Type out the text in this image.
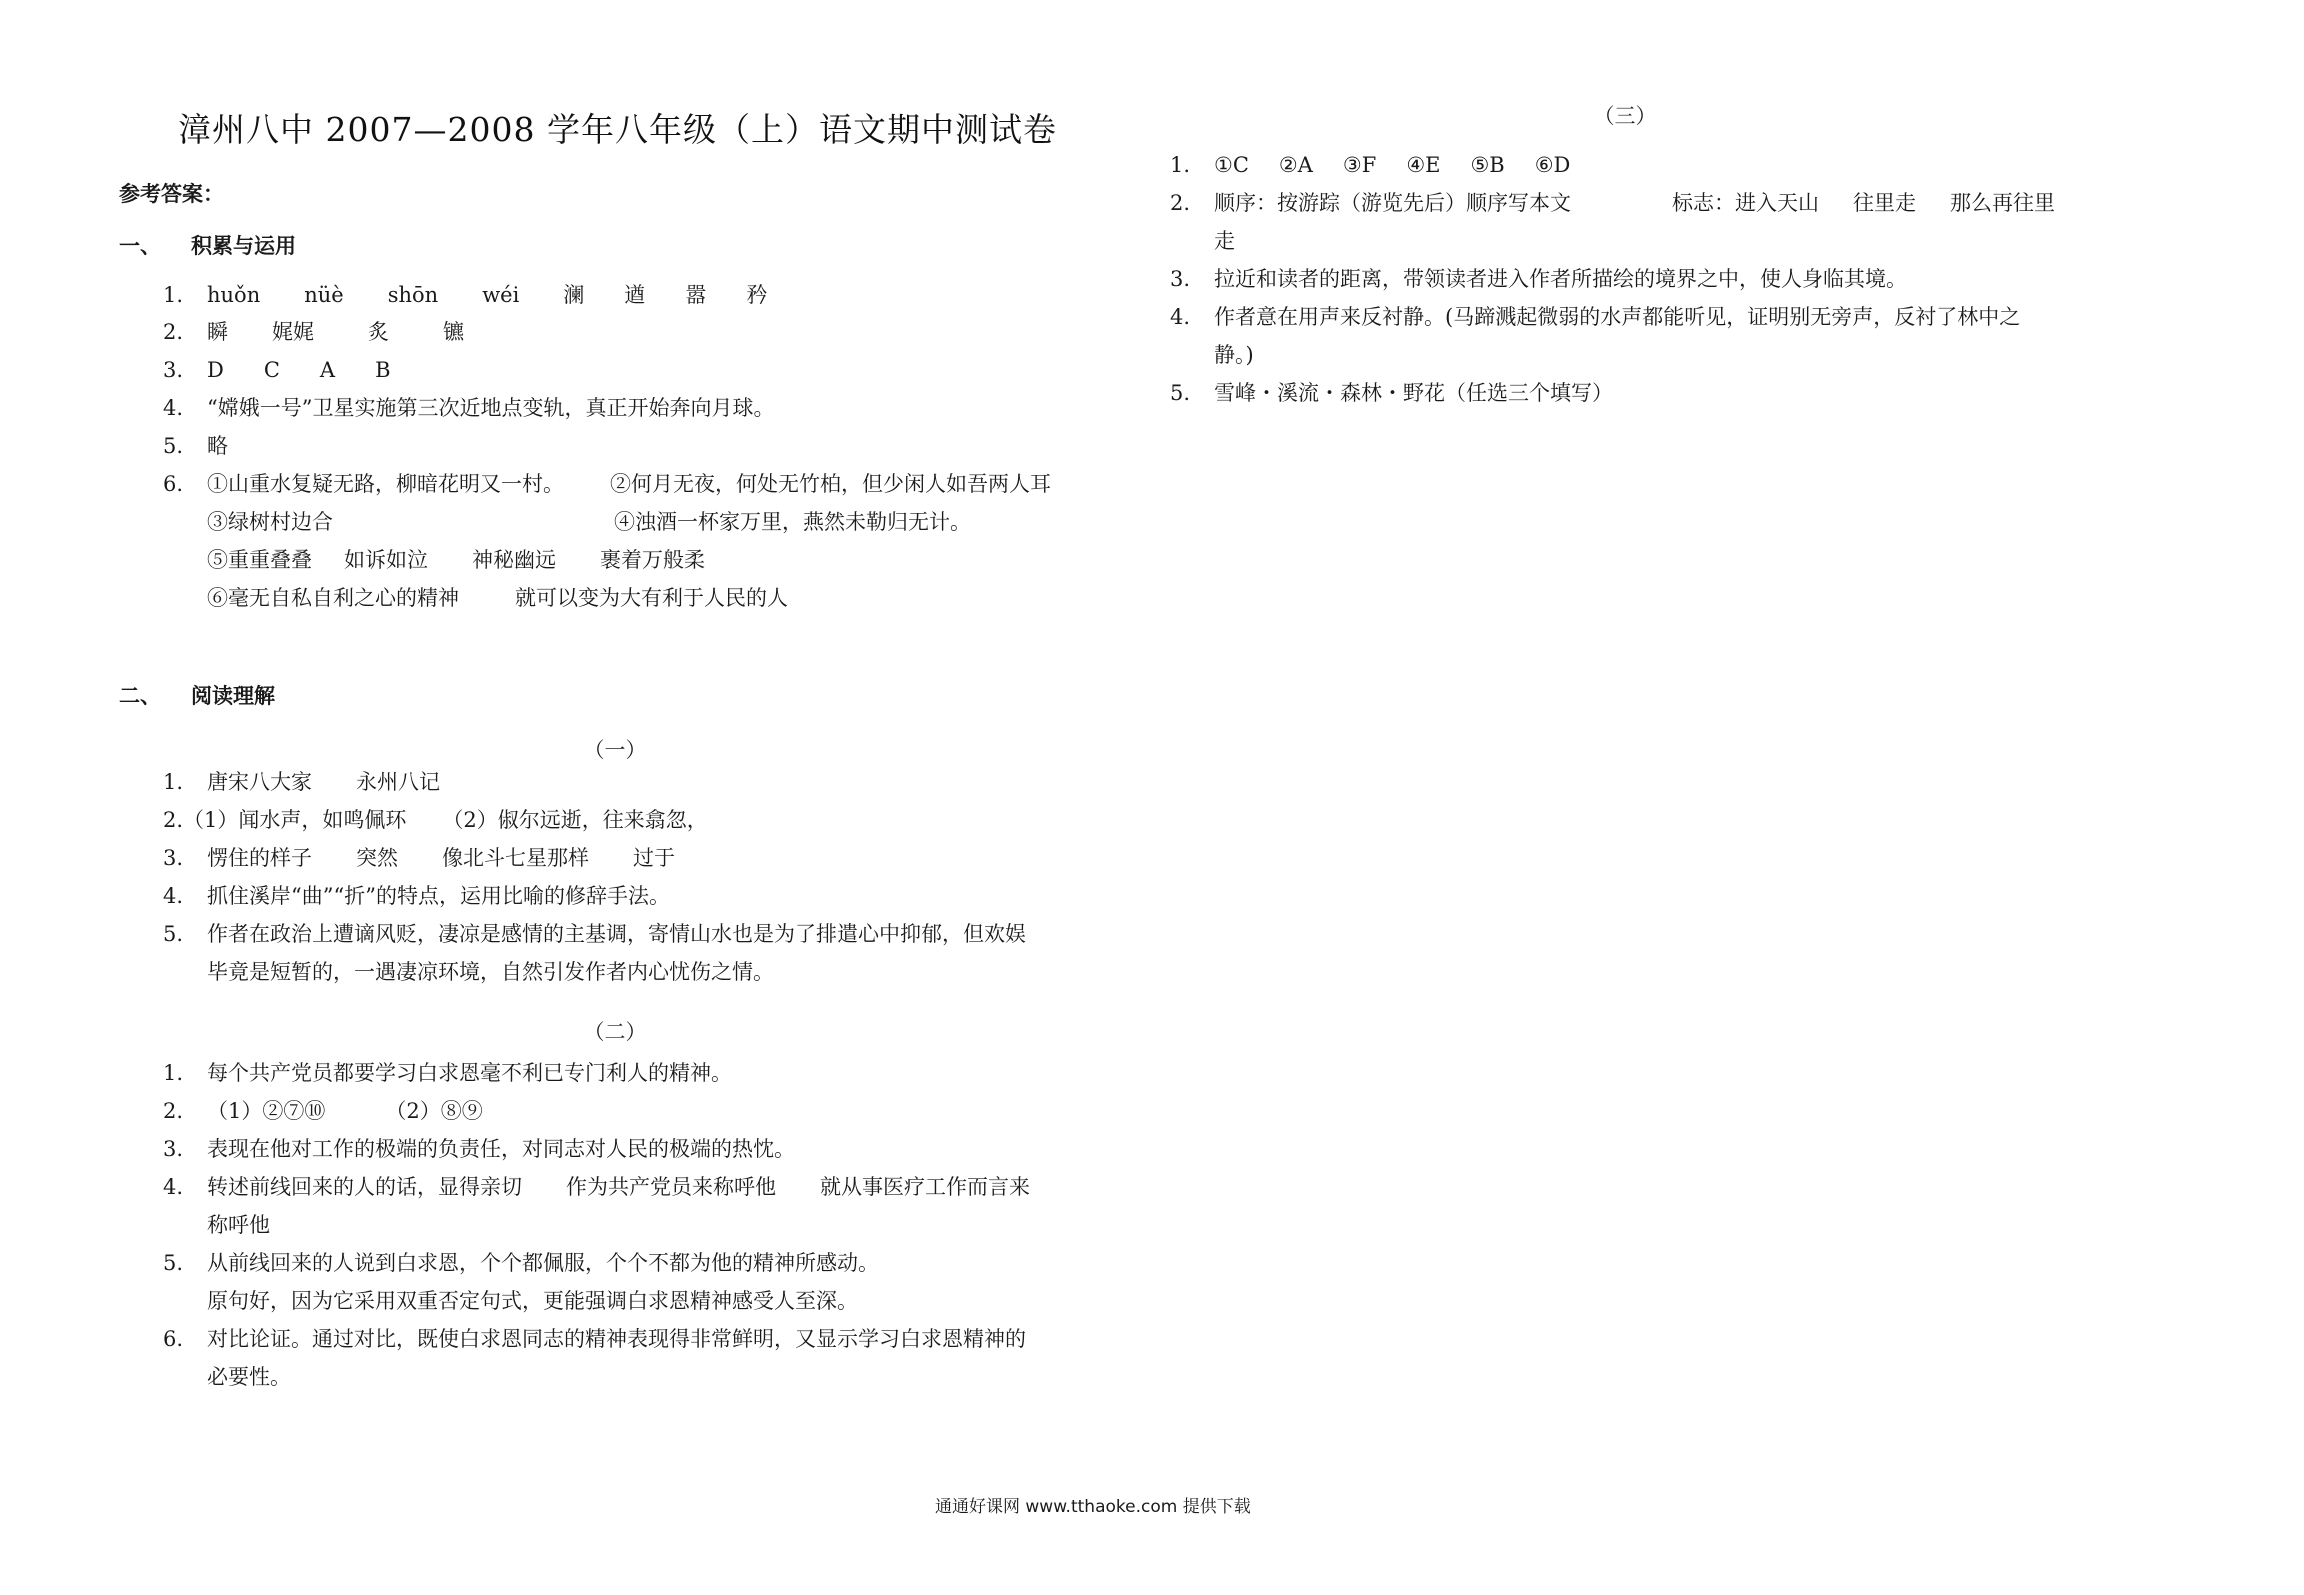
漳州八中 2007—2008 学年八年级（上）语文期中测试卷
参考答案：
一、 积累与运用
1. huǒn nüè shōn wéi 澜 遒 嚣 矜
2. 瞬 娓娓	炙	镳
3. D C A B
4. “嫦娥一号”卫星实施第三次近地点变轨，真正开始奔向月球。
5. 略
6. ①山重水复疑无路，柳暗花明又一村。 ②何月无夜，何处无竹柏，但少闲人如吾两人耳
③绿树村边合	④浊酒一杯家万里，燕然未勒归无计。
⑤重重叠叠 如诉如泣 神秘幽远 裹着万般柔
⑥毫无自私自利之心的精神	就可以变为大有利于人民的人
二、 阅读理解
（一）
1. 唐宋八大家 永州八记
2.（1）闻水声，如鸣佩环 （2）俶尔远逝，往来翕忽，
3. 愣住的样子 突然 像北斗七星那样 过于
4. 抓住溪岸“曲”“折”的特点，运用比喻的修辞手法。
5. 作者在政治上遭谪风贬，凄凉是感情的主基调，寄情山水也是为了排遣心中抑郁，但欢娱
毕竟是短暂的，一遇凄凉环境，自然引发作者内心忧伤之情。
（二）
1. 每个共产党员都要学习白求恩毫不利已专门利人的精神。
2. （1）②⑦⑩	（2）⑧⑨
3. 表现在他对工作的极端的负责任，对同志对人民的极端的热忱。
4. 转述前线回来的人的话，显得亲切 作为共产党员来称呼他 就从事医疗工作而言来
称呼他
5. 从前线回来的人说到白求恩，个个都佩服，个个不都为他的精神所感动。
原句好，因为它采用双重否定句式，更能强调白求恩精神感受人至深。
6. 对比论证。通过对比，既使白求恩同志的精神表现得非常鲜明，又显示学习白求恩精神的
必要性。
（三）
1. ①C ②A ③F ④E ⑤B ⑥D
2. 顺序：按游踪（游览先后）顺序写本文	标志：进入天山 往里走 那么再往里
走
3. 拉近和读者的距离，带领读者进入作者所描绘的境界之中，使人身临其境。
4. 作者意在用声来反衬静。(马蹄溅起微弱的水声都能听见，证明别无旁声，反衬了林中之
静。)
5. 雪峰・溪流・森林・野花（任选三个填写）
通通好课网 www.tthaoke.com 提供下载
